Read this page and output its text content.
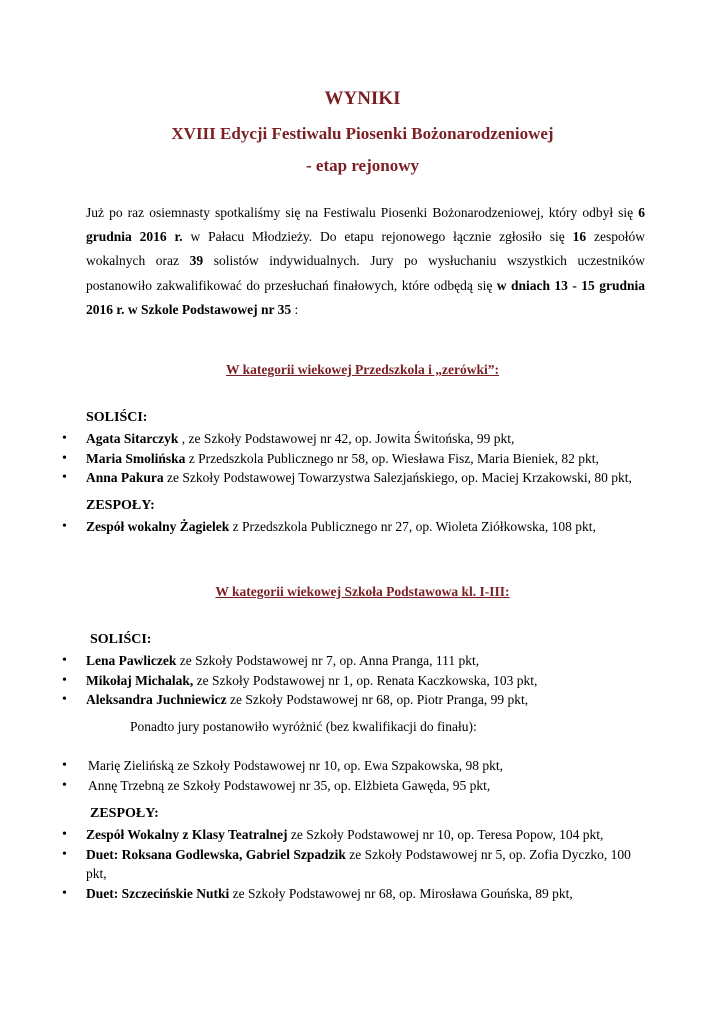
WYNIKI
XVIII Edycji Festiwalu Piosenki Bożonarodzeniowej
- etap rejonowy
Już po raz osiemnasty spotkaliśmy się na Festiwalu Piosenki Bożonarodzeniowej, który odbył się 6 grudnia 2016 r. w Pałacu Młodzieży. Do etapu rejonowego łącznie zgłosiło się 16 zespołów wokalnych oraz 39 solistów indywidualnych. Jury po wysłuchaniu wszystkich uczestników postanowiło zakwalifikować do przesłuchań finałowych, które odbędą się w dniach 13 - 15 grudnia 2016 r. w Szkole Podstawowej nr 35 :
W kategorii wiekowej Przedszkola i „zerówki”:
SOLIŚCI:
• Agata Sitarczyk , ze Szkoły Podstawowej nr 42, op. Jowita Świtońska, 99 pkt,
• Maria Smolińska z Przedszkola Publicznego nr 58, op. Wiesława Fisz, Maria Bieniek, 82 pkt,
• Anna Pakura ze Szkoły Podstawowej Towarzystwa Salezjańskiego, op. Maciej Krzakowski, 80 pkt,
ZESPOŁY:
• Zespół wokalny Żagielek z Przedszkola Publicznego nr 27, op. Wioleta Ziółkowska, 108 pkt,
W kategorii wiekowej Szkoła Podstawowa kl. I-III:
SOLIŚCI:
• Lena Pawliczek ze Szkoły Podstawowej nr 7, op. Anna Pranga, 111 pkt,
• Mikołaj Michalak, ze Szkoły Podstawowej nr 1, op. Renata Kaczkowska, 103 pkt,
• Aleksandra Juchniewicz ze Szkoły Podstawowej nr 68, op. Piotr Pranga, 99 pkt,
Ponadto jury postanowiło wyróżnić (bez kwalifikacji do finału):
• Marię Zielińską ze Szkoły Podstawowej nr 10, op. Ewa Szpakowska, 98 pkt,
• Annę Trzebną ze Szkoły Podstawowej nr 35, op. Elżbieta Gawęda, 95 pkt,
ZESPOŁY:
• Zespół Wokalny z Klasy Teatralnej ze Szkoły Podstawowej nr 10, op. Teresa Popow, 104 pkt,
• Duet: Roksana Godlewska, Gabriel Szpadzik ze Szkoły Podstawowej nr 5, op. Zofia Dyczko, 100 pkt,
• Duet: Szczecińskie Nutki ze Szkoły Podstawowej nr 68, op. Mirosława Gouńska, 89 pkt,
